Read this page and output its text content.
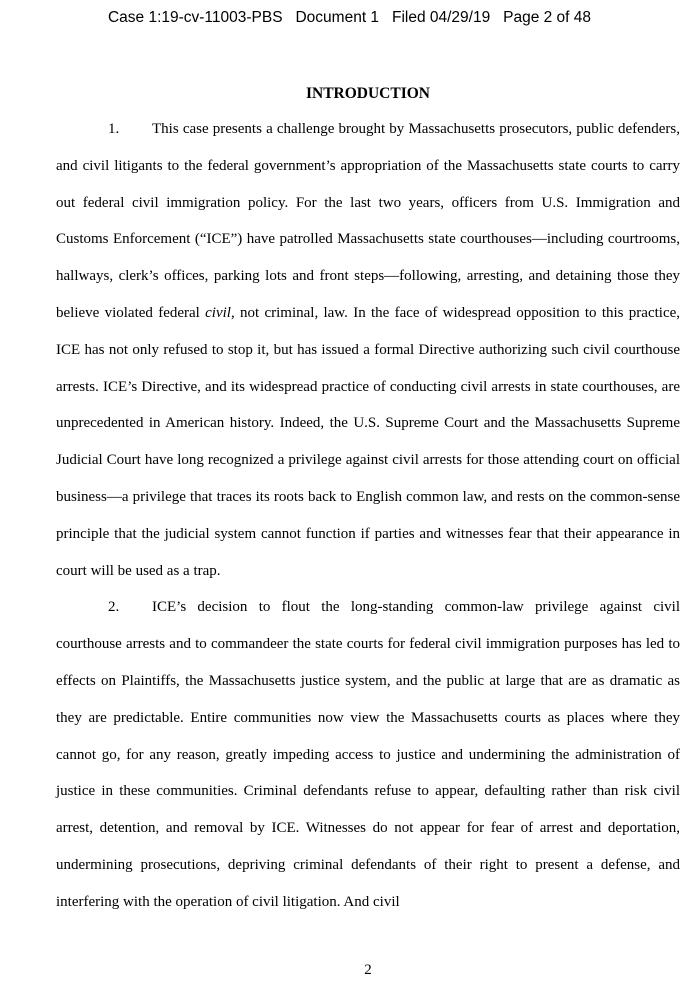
Case 1:19-cv-11003-PBS   Document 1   Filed 04/29/19   Page 2 of 48
INTRODUCTION

1. This case presents a challenge brought by Massachusetts prosecutors, public defenders, and civil litigants to the federal government’s appropriation of the Massachusetts state courts to carry out federal civil immigration policy. For the last two years, officers from U.S. Immigration and Customs Enforcement (“ICE”) have patrolled Massachusetts state courthouses—including courtrooms, hallways, clerk’s offices, parking lots and front steps—following, arresting, and detaining those they believe violated federal civil, not criminal, law. In the face of widespread opposition to this practice, ICE has not only refused to stop it, but has issued a formal Directive authorizing such civil courthouse arrests. ICE’s Directive, and its widespread practice of conducting civil arrests in state courthouses, are unprecedented in American history. Indeed, the U.S. Supreme Court and the Massachusetts Supreme Judicial Court have long recognized a privilege against civil arrests for those attending court on official business—a privilege that traces its roots back to English common law, and rests on the common-sense principle that the judicial system cannot function if parties and witnesses fear that their appearance in court will be used as a trap.

2. ICE’s decision to flout the long-standing common-law privilege against civil courthouse arrests and to commandeer the state courts for federal civil immigration purposes has led to effects on Plaintiffs, the Massachusetts justice system, and the public at large that are as dramatic as they are predictable. Entire communities now view the Massachusetts courts as places where they cannot go, for any reason, greatly impeding access to justice and undermining the administration of justice in these communities. Criminal defendants refuse to appear, defaulting rather than risk civil arrest, detention, and removal by ICE. Witnesses do not appear for fear of arrest and deportation, undermining prosecutions, depriving criminal defendants of their right to present a defense, and interfering with the operation of civil litigation. And civil

2
